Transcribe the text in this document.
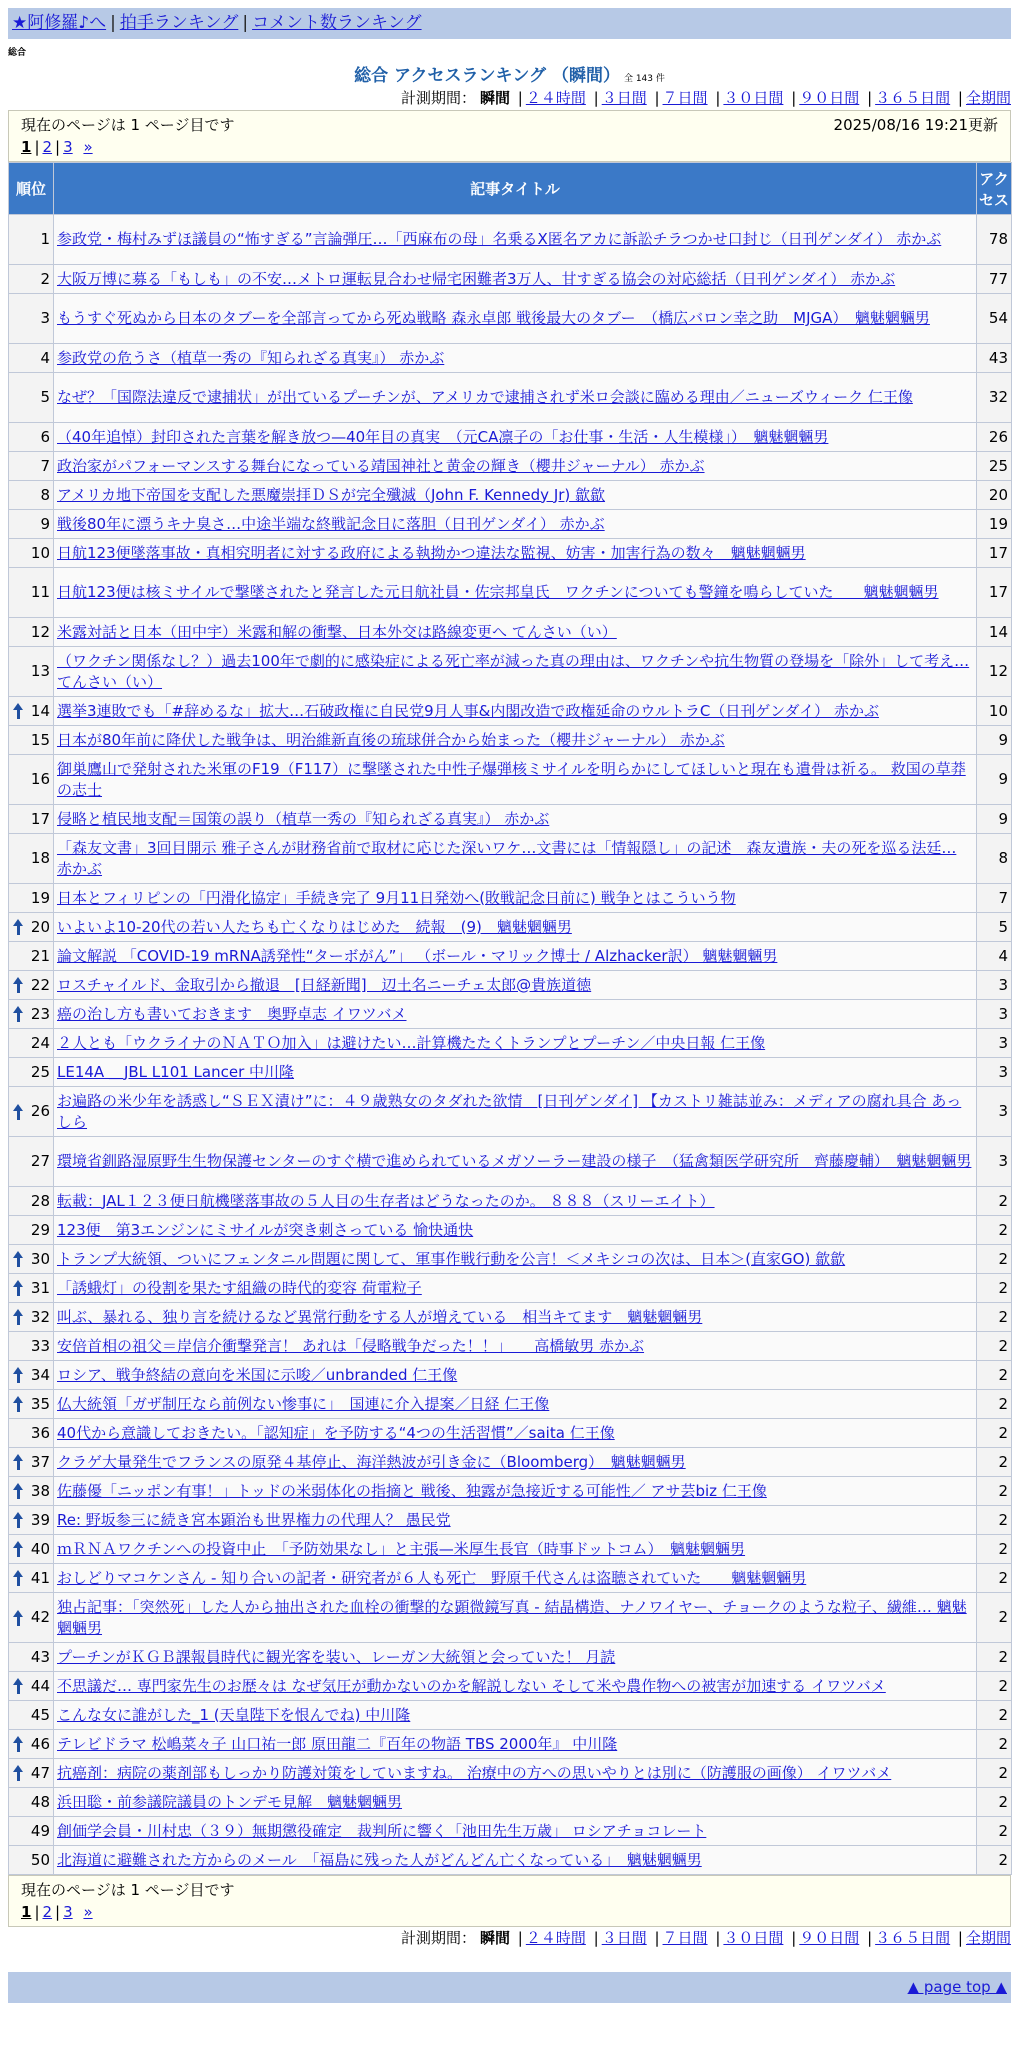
★阿修羅♪へ | 拍手ランキング | コメント数ランキング
総合
総合 アクセスランキング （瞬間） 全 143 件
計測期間： 瞬間 | ２４時間 | ３日間 | ７日間 | ３０日間 | ９０日間 | ３６５日間 | 全期間
現在のページは 1 ページ目です	2025/08/16 19:21更新
1 | 2 | 3 »
順位	記事タイトル	アクセス
1	参政党・梅村みずほ議員の“怖すぎる”言論弾圧…「西麻布の母」名乗るX匿名アカに訴訟チラつかせ口封じ（日刊ゲンダイ） 赤かぶ	78
2	大阪万博に募る「もしも」の不安…メトロ運転見合わせ帰宅困難者3万人、甘すぎる協会の対応総括（日刊ゲンダイ） 赤かぶ	77
3	もうすぐ死ぬから日本のタブーを全部言ってから死ぬ戦略 森永卓郎 戦後最大のタブー　（橋広バロン幸之助　MJGA）　魑魅魍魎男	54
4	参政党の危うさ（植草一秀の『知られざる真実』） 赤かぶ	43
5	なぜ？「国際法違反で逮捕状」が出ているプーチンが、アメリカで逮捕されず米ロ会談に臨める理由／ニューズウィーク 仁王像	32
6	（40年追悼）封印された言葉を解き放つ—40年目の真実　（元CA凛子の「お仕事・生活・人生模様」）　魑魅魍魎男	26
7	政治家がパフォーマンスする舞台になっている靖国神社と黄金の輝き（櫻井ジャーナル） 赤かぶ	25
8	アメリカ地下帝国を支配した悪魔崇拝ＤＳが完全殲滅（John F. Kennedy Jr) 歙歙	20
9	戦後80年に漂うキナ臭さ…中途半端な終戦記念日に落胆（日刊ゲンダイ） 赤かぶ	19
10	日航123便墜落事故・真相究明者に対する政府による執拗かつ違法な監視、妨害・加害行為の数々　魑魅魍魎男	17
11	日航123便は核ミサイルで撃墜されたと発言した元日航社員・佐宗邦皇氏　ワクチンについても警鐘を鳴らしていた　　魑魅魍魎男	17
12	米露対話と日本（田中宇）米露和解の衝撃、日本外交は路線変更へ てんさい（い）	14
13	（ワクチン関係なし？）過去100年で劇的に感染症による死亡率が減った真の理由は、ワクチンや抗生物質の登場を「除外」して考え… てんさい（い）	12

14	選挙3連敗でも「#辞めるな」拡大…石破政権に自民党9月人事&内閣改造で政権延命のウルトラC（日刊ゲンダイ） 赤かぶ	10
15	日本が80年前に降伏した戦争は、明治維新直後の琉球併合から始まった（櫻井ジャーナル） 赤かぶ	9
16	御巣鷹山で発射された米軍のF19（F117）に撃墜された中性子爆弾核ミサイルを明らかにしてほしいと現在も遺骨は祈る。 救国の草莽の志士	9
17	侵略と植民地支配＝国策の誤り（植草一秀の『知られざる真実』） 赤かぶ	9
18	「森友文書」3回目開示 雅子さんが財務省前で取材に応じた深いワケ…文書には「情報隠し」の記述　森友遺族・夫の死を巡る法廷… 赤かぶ	8
19	日本とフィリピンの「円滑化協定」手続き完了 9月11日発効へ(敗戦記念日前に) 戦争とはこういう物	7

20	いよいよ10-20代の若い人たちも亡くなりはじめた　続報　(9)　魑魅魍魎男	5
21	論文解説 「COVID-19 mRNA誘発性“ターボがん”」 （ボール・マリック博士 / Alzhacker訳） 魑魅魍魎男	4

22	ロスチャイルド、金取引から撤退　[日経新聞]　辺土名ニーチェ太郎@貴族道徳	3

23	癌の治し方も書いておきます　奥野卓志 イワツバメ	3
24	２人とも「ウクライナのＮＡＴＯ加入」は避けたい…計算機たたくトランプとプーチン／中央日報 仁王像	3
25	LE14A ＿JBL L101 Lancer 中川隆	3

26	お遍路の米少年を誘惑し“ＳＥＸ漬け”に：４９歳熟女のタダれた欲情　[日刊ゲンダイ] 【カストリ雑誌並み：メディアの腐れ具合 あっしら	3
27	環境省釧路湿原野生生物保護センターのすぐ横で進められているメガソーラー建設の様子　（猛禽類医学研究所　齊藤慶輔）　魑魅魍魎男	3
28	転載：JAL１２３便日航機墜落事故の５人目の生存者はどうなったのか。 ８８８（スリーエイト）	2
29	123便　第3エンジンにミサイルが突き刺さっている 愉快通快	2

30	トランプ大統領、ついにフェンタニル問題に関して、軍事作戦行動を公言！＜メキシコの次は、日本＞(直家GO) 歙歙	2

31	「誘蛾灯」の役割を果たす組織の時代的変容 荷電粒子	2

32	叫ぶ、暴れる、独り言を続けるなど異常行動をする人が増えている　相当キてます　魑魅魍魎男	2
33	安倍首相の祖父＝岸信介衝撃発言！ あれは「侵略戦争だった！！」　　高橋敏男 赤かぶ	2

34	ロシア、戦争終結の意向を米国に示唆／unbranded 仁王像	2

35	仏大統領「ガザ制圧なら前例ない惨事に」　国連に介入提案／日経 仁王像	2
36	40代から意識しておきたい。「認知症」を予防する“4つの生活習慣”／saita 仁王像	2

37	クラゲ大量発生でフランスの原発４基停止、海洋熱波が引き金に（Bloomberg）　魑魅魍魎男	2

38	佐藤優「ニッポン有事！」トッドの米弱体化の指摘と 戦後、独露が急接近する可能性／ アサ芸biz 仁王像	2

39	Re: 野坂参三に続き宮本顕治も世界権力の代理人？ 愚民党	2

40	ｍＲＮＡワクチンへの投資中止　「予防効果なし」と主張—米厚生長官（時事ドットコム）　魑魅魍魎男	2

41	おしどりマコケンさん - 知り合いの記者・研究者が６人も死亡　野原千代さんは盗聴されていた　　魑魅魍魎男	2

42	独占記事：「突然死」した人から抽出された血栓の衝撃的な顕微鏡写真 - 結晶構造、ナノワイヤー、チョークのような粒子、繊維… 魑魅魍魎男	2
43	プーチンがＫＧＢ課報員時代に観光客を装い、レーガン大統領と会っていた！ 月読	2

44	不思議だ… 専門家先生のお歴々は なぜ気圧が動かないのかを解説しない そして米や農作物への被害が加速する イワツバメ	2
45	こんな女に誰がした_1 (天皇陛下を恨んでね) 中川隆	2

46	テレビドラマ 松嶋菜々子 山口祐一郎 原田龍二『百年の物語 TBS 2000年』 中川隆	2

47	抗癌剤：病院の薬剤部もしっかり防護対策をしていますね。 治療中の方への思いやりとは別に（防護服の画像） イワツバメ	2
48	浜田聡・前参議院議員のトンデモ見解　魑魅魍魎男	2
49	創価学会員・川村忠（３９）無期懲役確定　裁判所に響く「池田先生万歳」 ロシアチョコレート	2
50	北海道に避難された方からのメール　「福島に残った人がどんどん亡くなっている」　魑魅魍魎男	2
現在のページは 1 ページ目です
1 | 2 | 3 »
計測期間： 瞬間 | ２４時間 | ３日間 | ７日間 | ３０日間 | ９０日間 | ３６５日間 | 全期間
▲ page top ▲
